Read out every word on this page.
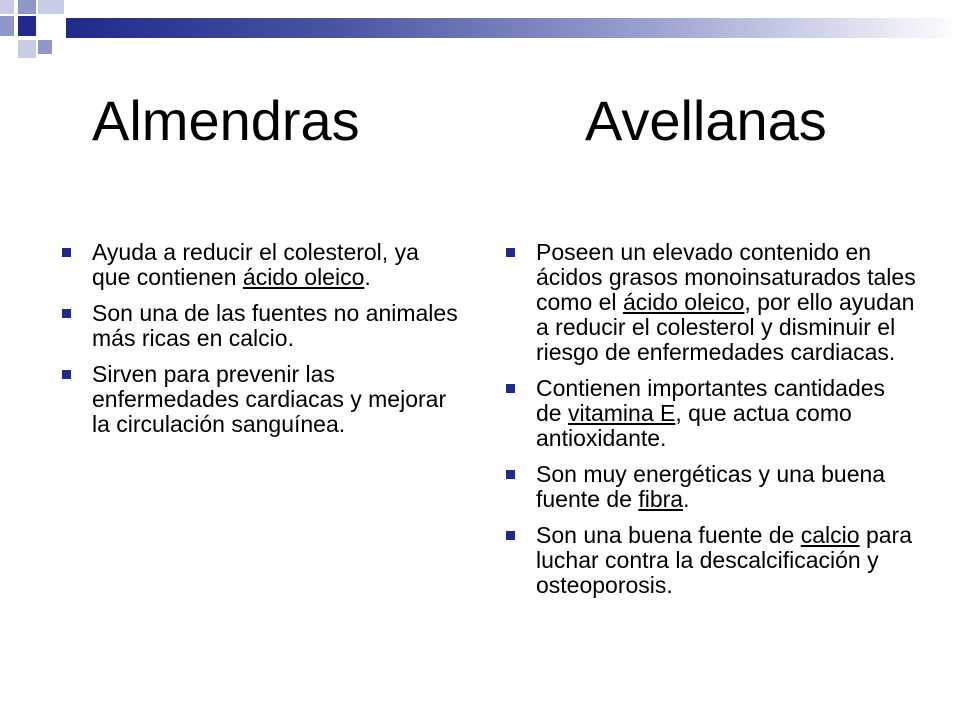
Almendras	Avellanas
Ayuda a reducir el colesterol, ya que contienen ácido oleico.
Son una de las fuentes no animales más ricas en calcio.
Sirven para prevenir las enfermedades cardiacas y mejorar la circulación sanguínea.
Poseen un elevado contenido en ácidos grasos monoinsaturados tales como el ácido oleico, por ello ayudan a reducir el colesterol y disminuir el riesgo de enfermedades cardiacas.
Contienen importantes cantidades de vitamina E, que actua como antioxidante.
Son muy energéticas y una buena fuente de fibra.
Son una buena fuente de calcio para luchar contra la descalcificación y osteoporosis.
